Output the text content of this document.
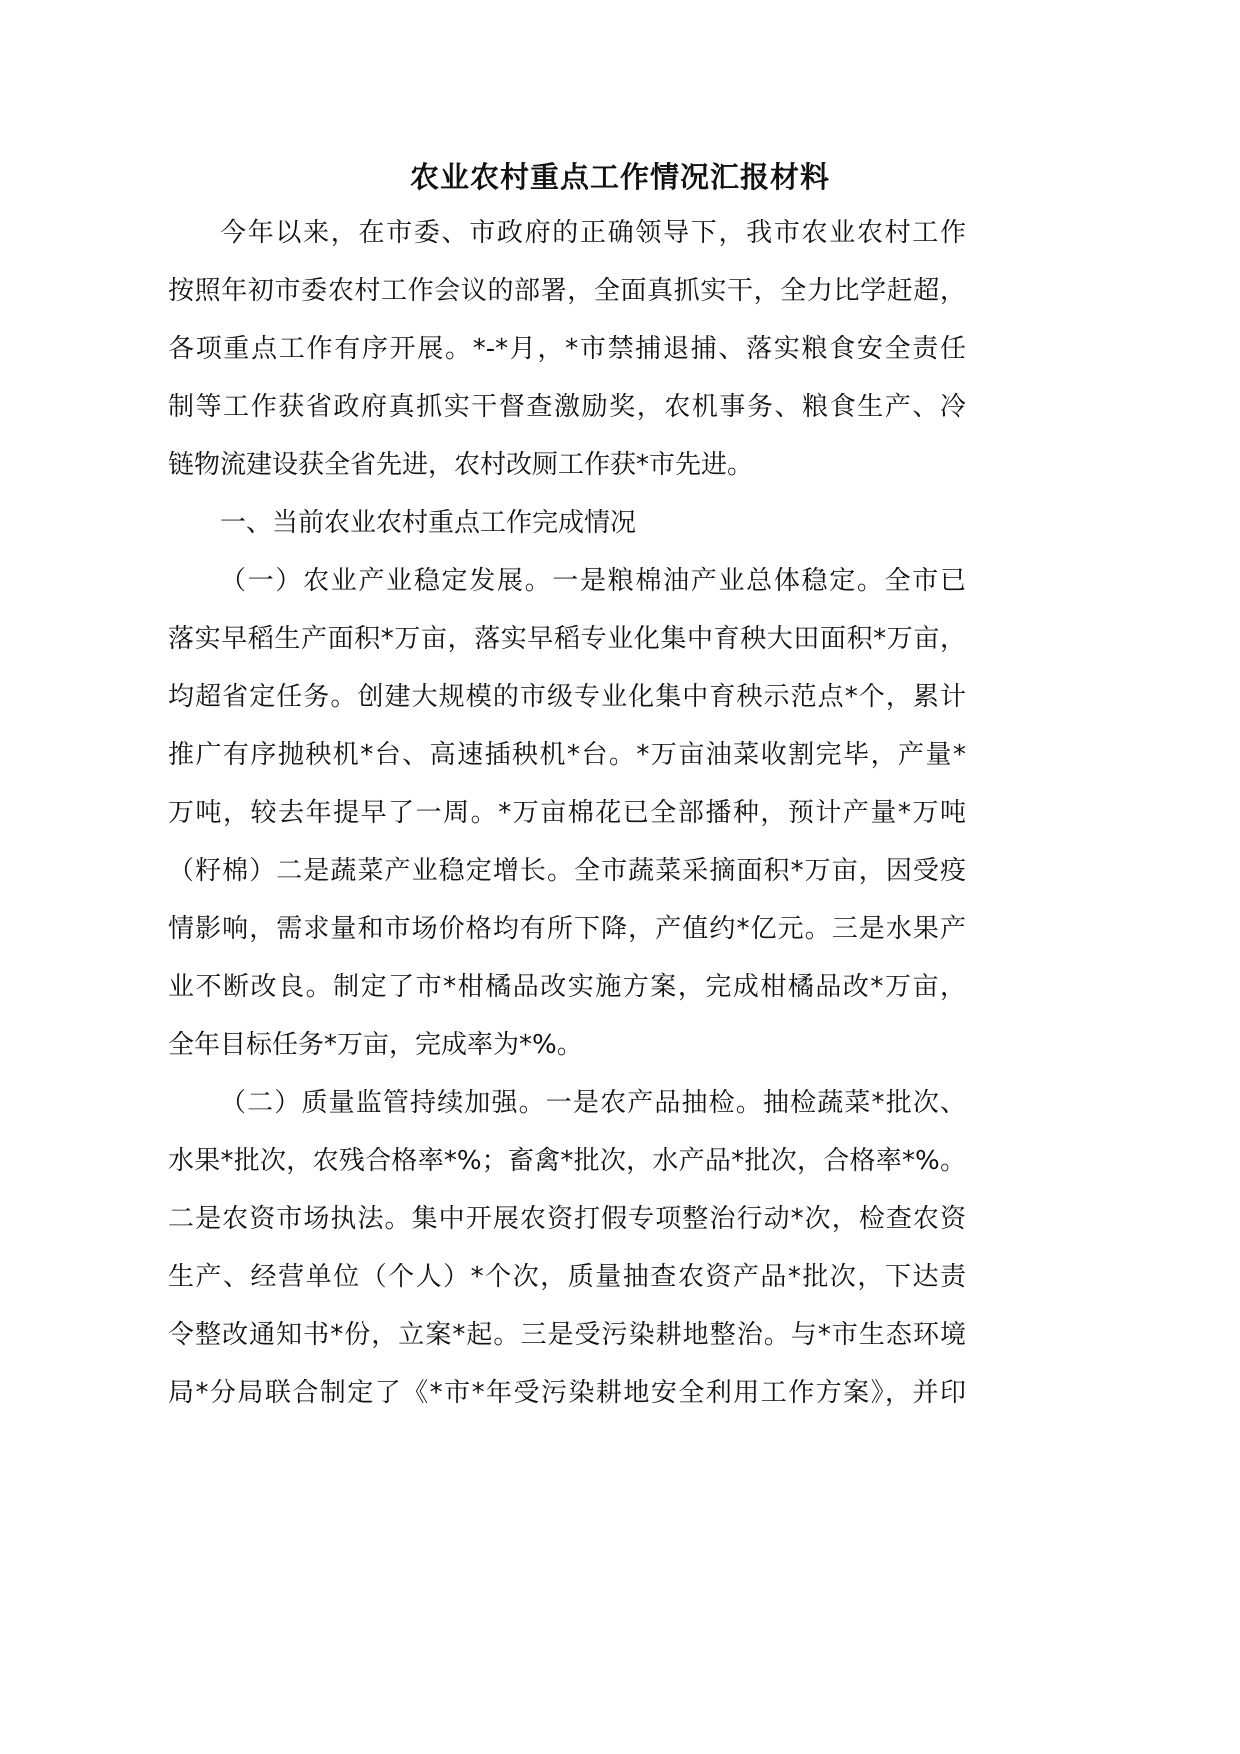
农业农村重点工作情况汇报材料
今年以来，在市委、市政府的正确领导下，我市农业农村工作
按照年初市委农村工作会议的部署，全面真抓实干，全力比学赶超，
各项重点工作有序开展。*-*月，*市禁捕退捕、落实粮食安全责任
制等工作获省政府真抓实干督查激励奖，农机事务、粮食生产、冷
链物流建设获全省先进，农村改厕工作获*市先进。
一、当前农业农村重点工作完成情况
（一）农业产业稳定发展。一是粮棉油产业总体稳定。全市已
落实早稻生产面积*万亩，落实早稻专业化集中育秧大田面积*万亩，
均超省定任务。创建大规模的市级专业化集中育秧示范点*个，累计
推广有序抛秧机*台、高速插秧机*台。*万亩油菜收割完毕，产量*
万吨，较去年提早了一周。*万亩棉花已全部播种，预计产量*万吨
（籽棉）二是蔬菜产业稳定增长。全市蔬菜采摘面积*万亩，因受疫
情影响，需求量和市场价格均有所下降，产值约*亿元。三是水果产
业不断改良。制定了市*柑橘品改实施方案，完成柑橘品改*万亩，
全年目标任务*万亩，完成率为*%。
（二）质量监管持续加强。一是农产品抽检。抽检蔬菜*批次、
水果*批次，农残合格率*%；畜禽*批次，水产品*批次，合格率*%。
二是农资市场执法。集中开展农资打假专项整治行动*次，检查农资
生产、经营单位（个人）*个次，质量抽查农资产品*批次，下达责
令整改通知书*份，立案*起。三是受污染耕地整治。与*市生态环境
局*分局联合制定了《*市*年受污染耕地安全利用工作方案》，并印
